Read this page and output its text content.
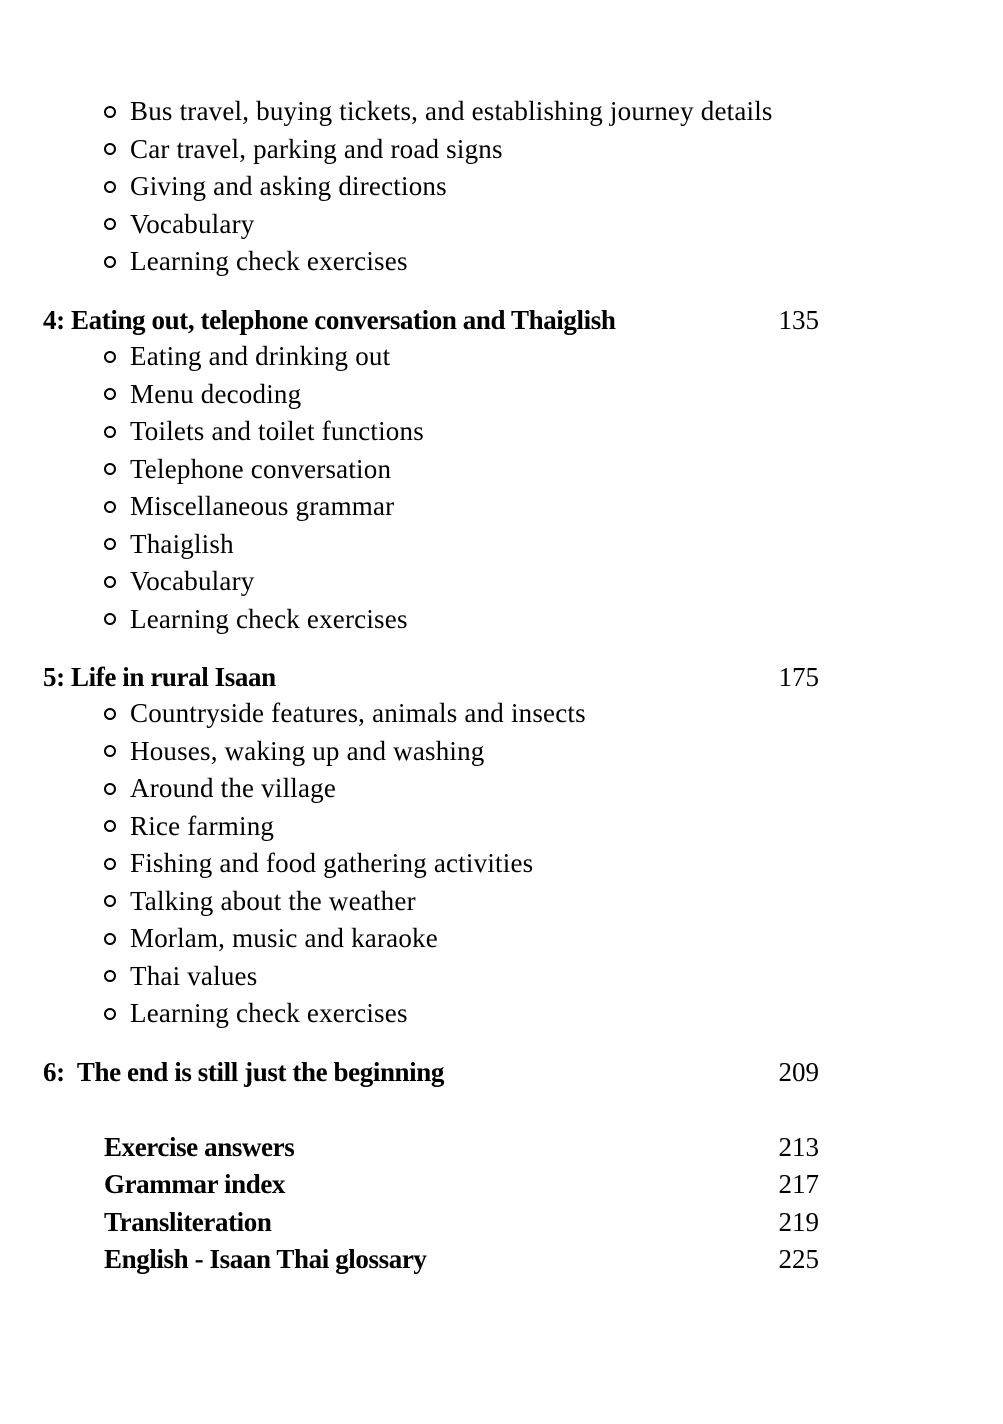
Bus travel, buying tickets, and establishing journey details
Car travel, parking and road signs
Giving and asking directions
Vocabulary
Learning check exercises
4: Eating out, telephone conversation and Thaiglish	135
Eating and drinking out
Menu decoding
Toilets and toilet functions
Telephone conversation
Miscellaneous grammar
Thaiglish
Vocabulary
Learning check exercises
5: Life in rural Isaan	175
Countryside features, animals and insects
Houses, waking up and washing
Around the village
Rice farming
Fishing and food gathering activities
Talking about the weather
Morlam, music and karaoke
Thai values
Learning check exercises
6:  The end is still just the beginning	209
Exercise answers	213
Grammar index	217
Transliteration	219
English - Isaan Thai glossary	225
